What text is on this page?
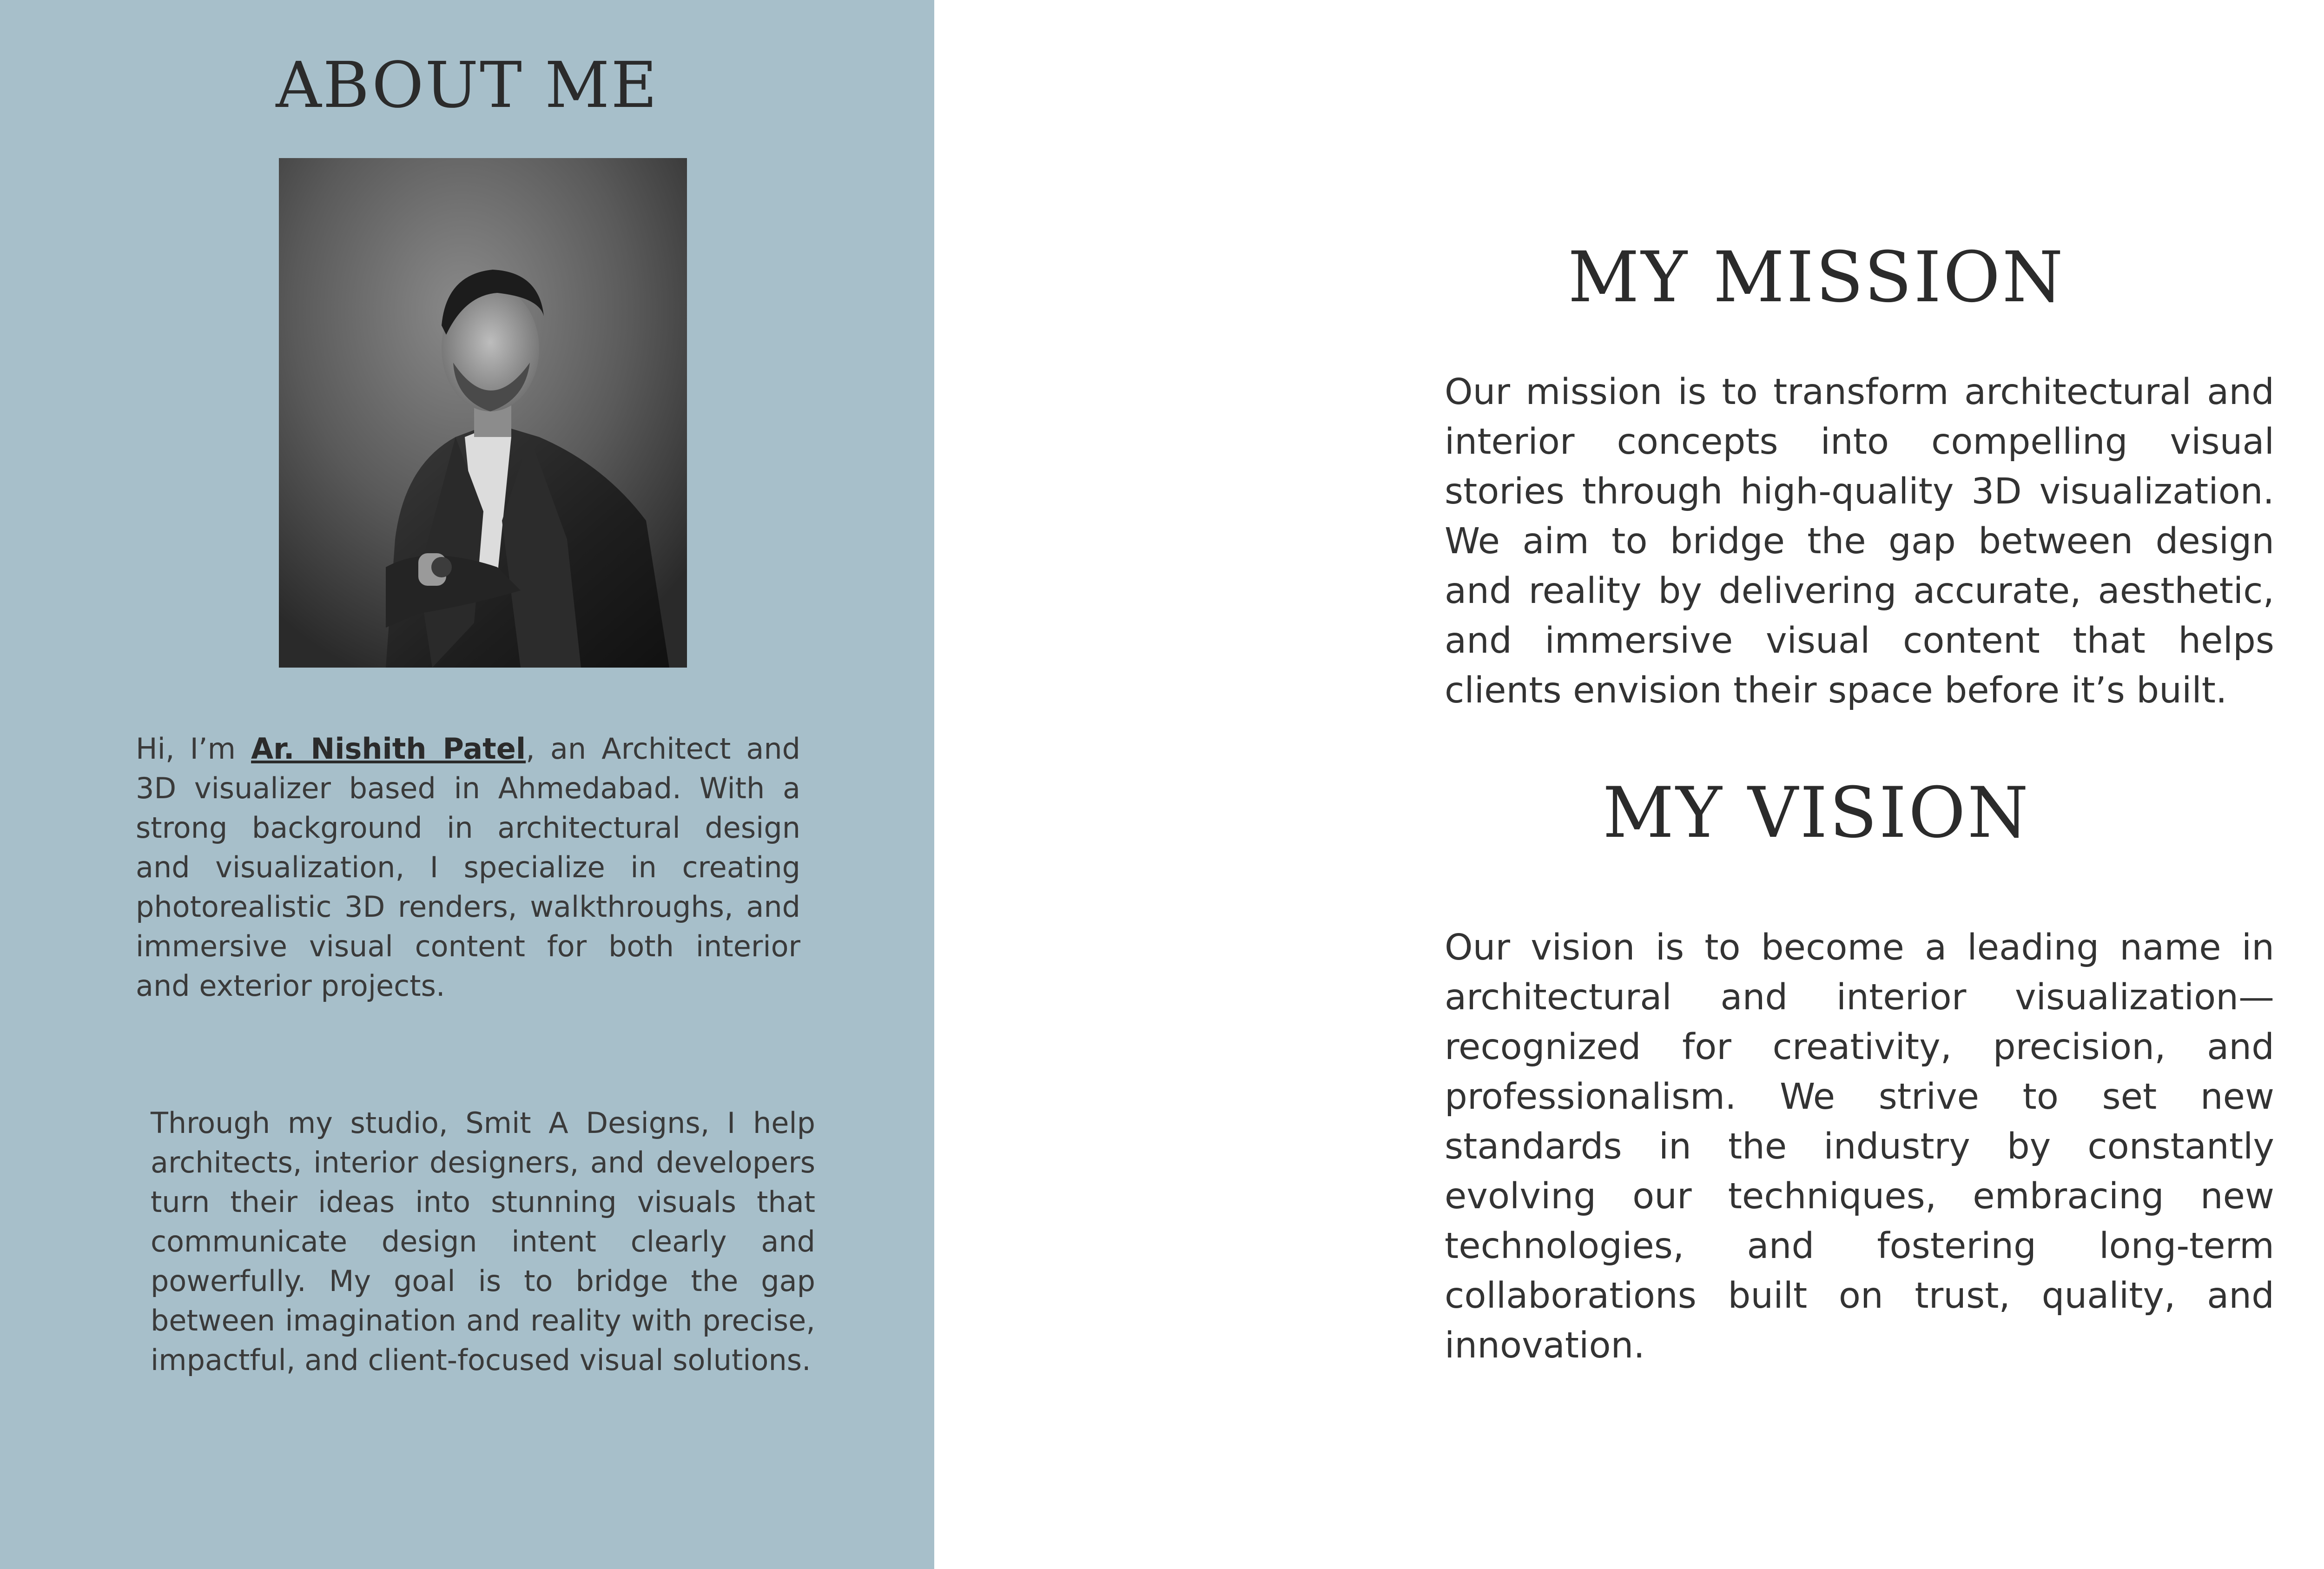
ABOUT ME

Hi, I’m Ar. Nishith Patel, an Architect and 3D visualizer based in Ahmedabad. With a strong background in architectural design and visualization, I specialize in creating photorealistic 3D renders, walkthroughs, and immersive visual content for both interior and exterior projects.

Through my studio, Smit A Designs, I help architects, interior designers, and developers turn their ideas into stunning visuals that communicate design intent clearly and powerfully. My goal is to bridge the gap between imagination and reality with precise, impactful, and client-focused visual solutions.

MY MISSION

Our mission is to transform architectural and interior concepts into compelling visual stories through high-quality 3D visualization. We aim to bridge the gap between design and reality by delivering accurate, aesthetic, and immersive visual content that helps clients envision their space before it’s built.

MY VISION

Our vision is to become a leading name in architectural and interior visualization—recognized for creativity, precision, and professionalism. We strive to set new standards in the industry by constantly evolving our techniques, embracing new technologies, and fostering long-term collaborations built on trust, quality, and innovation.
